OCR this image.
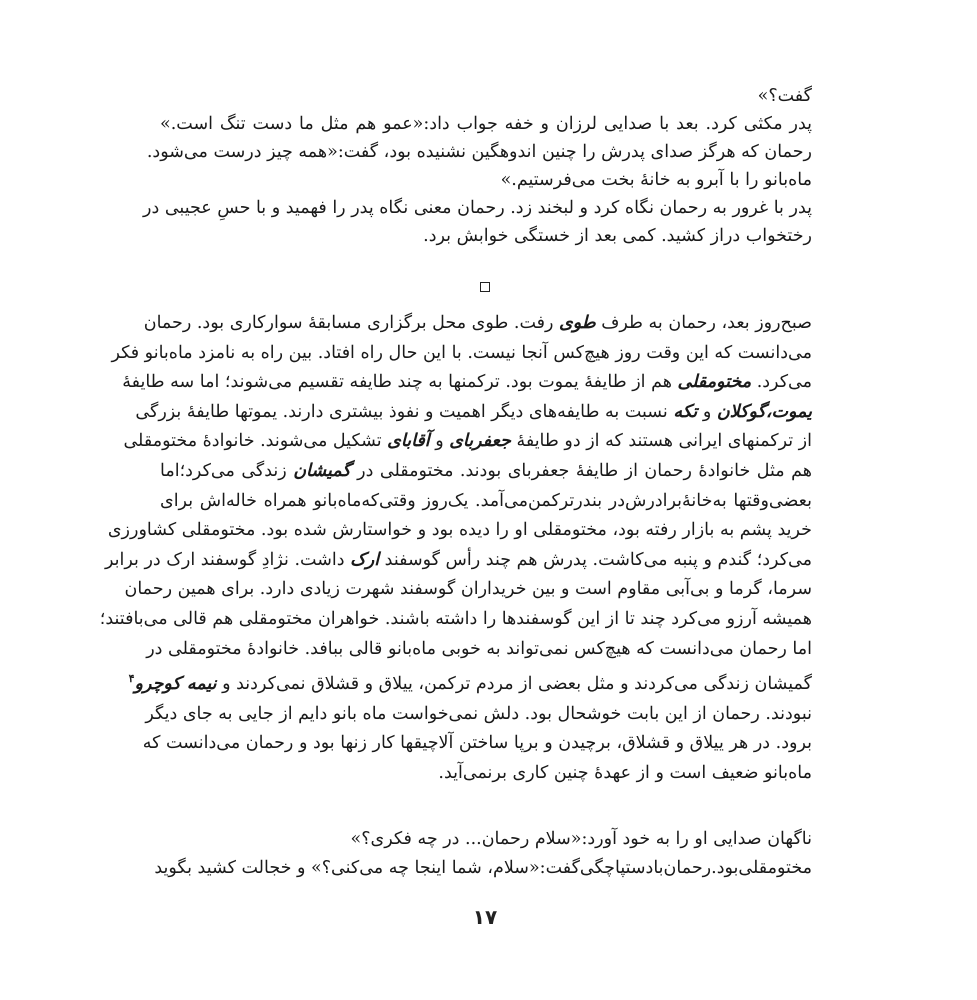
گفت؟»
پدر مکثی کرد. بعد با صدایی لرزان و خفه جواب داد:«عمو هم مثل ما دست تنگ است.»
رحمان که هرگز صدای پدرش را چنین اندوهگین نشنیده بود، گفت:«همه چیز درست می‌شود.
ماه‌بانو را با آبرو به خانهٔ بخت می‌فرستیم.»
پدر با غرور به رحمان نگاه کرد و لبخند زد. رحمان معنی نگاه پدر را فهمید و با حسِ عجیبی در
رختخواب دراز کشید. کمی بعد از خستگی خوابش برد.
صبح‌روز بعد، رحمان به طرف طوی رفت. طوی محل برگزاری مسابقهٔ سوارکاری بود. رحمان
می‌دانست که این وقت روز هیچ‌کس آنجا نیست. با این حال راه افتاد. بین راه به نامزد ماه‌بانو فکر
می‌کرد. مختومقلی هم از طایفهٔ یموت بود. ترکمنها به چند طایفه تقسیم می‌شوند؛ اما سه طایفهٔ
یموت،گوکلان و تکه نسبت به طایفه‌های دیگر اهمیت و نفوذ بیشتری دارند. یموتها طایفهٔ بزرگی
از ترکمنهای ایرانی هستند که از دو طایفهٔ جعفربای و آقابای تشکیل می‌شوند. خانوادهٔ مختومقلی
هم مثل خانوادهٔ رحمان از طایفهٔ جعفربای بودند. مختومقلی در گمیشان زندگی می‌کرد؛اما
بعضی‌وقتها به‌خانهٔ‌برادرش‌در بندرترکمن‌می‌آمد. یک‌روز وقتی‌که‌ماه‌بانو همراه خاله‌اش برای
خرید پشم به بازار رفته بود، مختومقلی او را دیده بود و خواستارش شده بود. مختومقلی کشاورزی
می‌کرد؛ گندم و پنبه می‌کاشت. پدرش هم چند رأس گوسفند ارک داشت. نژادِ گوسفند ارک در برابر
سرما، گرما و بی‌آبی مقاوم است و بین خریداران گوسفند شهرت زیادی دارد. برای همین رحمان
همیشه آرزو می‌کرد چند تا از این گوسفندها را داشته باشند. خواهران مختومقلی هم قالی می‌بافتند؛
اما رحمان می‌دانست که هیچ‌کس نمی‌تواند به خوبی ماه‌بانو قالی ببافد. خانوادهٔ مختومقلی در
گمیشان زندگی می‌کردند و مثل بعضی از مردم ترکمن، ییلاق و قشلاق نمی‌کردند و نیمه کوچرو$^۴$
نبودند. رحمان از این بابت خوشحال بود. دلش نمی‌خواست ماه بانو دایم از جایی به جای دیگر
برود. در هر ییلاق و قشلاق، برچیدن و برپا ساختن آلاچیقها کار زنها بود و رحمان می‌دانست که
ماه‌بانو ضعیف است و از عهدهٔ چنین کاری برنمی‌آید.
ناگهان صدایی او را به خود آورد:«سلام رحمان... در چه فکری؟»
مختومقلی‌بود.رحمان‌بادستپاچگی‌گفت:«سلام، شما اینجا چه می‌کنی؟» و خجالت کشید بگوید
۱۷
